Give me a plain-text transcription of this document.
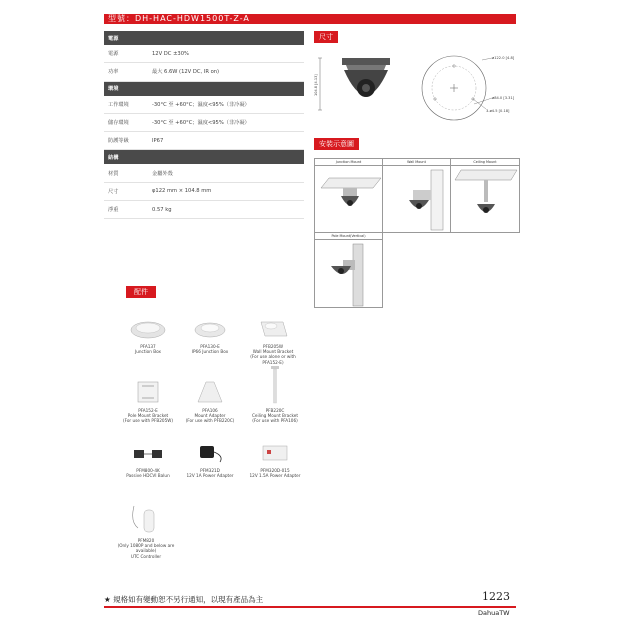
型號：DH-HAC-HDW1500T-Z-A
電源
電源	12V DC ±30%
功率	最大 6.6W (12V DC, IR on)
環境
工作環境	-30°C 至 +60°C；濕度<95%（非冷凝）
儲存環境	-30°C 至 +60°C；濕度<95%（非冷凝）
防護等級	IP67
結構
材質	金屬外殼
尺寸	φ122 mm × 104.8 mm
淨重	0.57 kg
尺寸
104.8 [4.13]
ø122.0 [4.8]
ø84.0 [3.31]
3-ø4.5 [0.18]
安裝示意圖
Junction Mount	Wall Mount	Ceiling Mount
Pole Mount(Vertical)
配件
PFA137
Junction Box
PFA130-E
IP66 Junction Box
PFB205W
Wall Mount Bracket
(For use alone or with
PFA152-E)
PFA152-E
Pole Mount Bracket
(For use with PFB205W)
PFA106
Mount Adapter
(For use with PFB220C)
PFB220C
Ceiling Mount Bracket
(For use with PFA106)
PFM800-4K
Passive HDCVI Balun
PFM321D
12V 1A Power Adapter
PFM320D-015
12V 1.5A Power Adapter
PFM820
(Only 1080P and below are
available)
UTC Controller
★ 規格如有變動恕不另行通知，以現有產品為主	1223
DahuaTW
